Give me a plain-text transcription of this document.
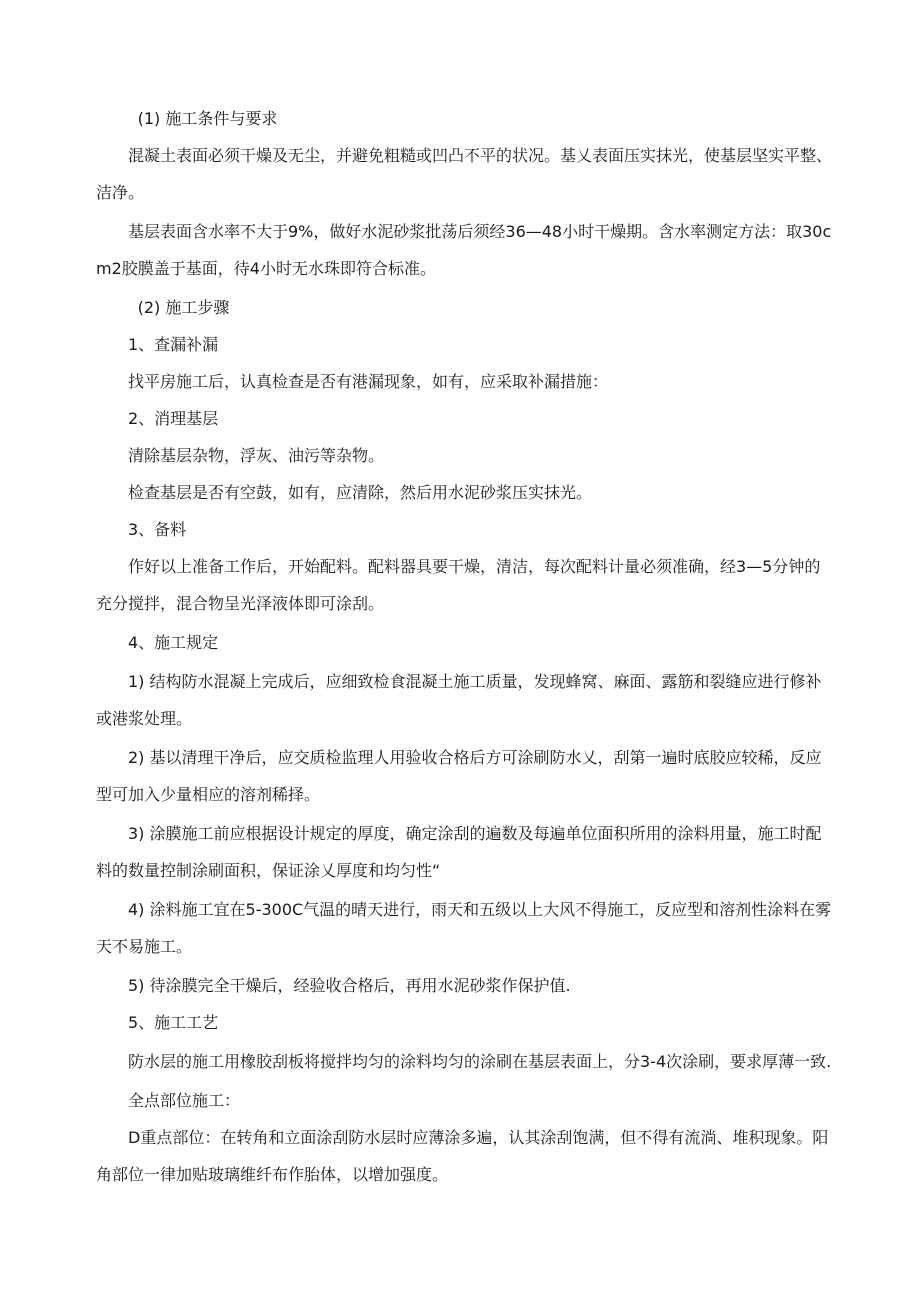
(1) 施工条件与要求

混凝土表面必须干燥及无尘，并避免粗糙或凹凸不平的状况。基乂表面压实抹光，使基层坚实平整、洁净。

基层表面含水率不大于9%，做好水泥砂浆批荡后须经36—48小时干燥期。含水率测定方法：取30cm2胶膜盖于基面，待4小时无水珠即符合标准。

(2) 施工步骤

1、查漏补漏

找平房施工后，认真检查是否有港漏现象，如有，应采取补漏措施：

2、消理基层

清除基层杂物，浮灰、油污等杂物。

检查基层是否有空鼓，如有，应清除，然后用水泥砂浆压实抹光。

3、备料

作好以上准备工作后，开始配料。配料器具要干燥，清洁，每次配料计量必须准确，经3—5分钟的充分搅拌，混合物呈光泽液体即可涂刮。

4、施工规定

1) 结构防水混凝上完成后，应细致检食混凝土施工质量，发现蜂窝、麻面、露筋和裂缝应进行修补或港浆处理。

2) 基以清理干净后，应交质检监理人用验收合格后方可涂刷防水乂，刮第一遍时底胶应较稀，反应型可加入少量相应的溶剂稀择。

3) 涂膜施工前应根据设计规定的厚度，确定涂刮的遍数及每遍单位面积所用的涂料用量，施工时配料的数量控制涂刷面积，保证涂乂厚度和均匀性“

4) 涂料施工宜在5-300C气温的晴天进行，雨天和五级以上大风不得施工，反应型和溶剂性涂料在雾天不易施工。

5) 待涂膜完全干燥后，经验收合格后，再用水泥砂浆作保护值.

5、施工工艺

防水层的施工用橡胶刮板将搅拌均匀的涂料均匀的涂刷在基层表面上，分3-4次涂刷，要求厚薄一致.

全点部位施工：

D重点部位：在转角和立面涂刮防水层时应薄涂多遍，认其涂刮饱满，但不得有流淌、堆积现象。阳角部位一律加贴玻璃维纤布作胎体，以增加强度。
